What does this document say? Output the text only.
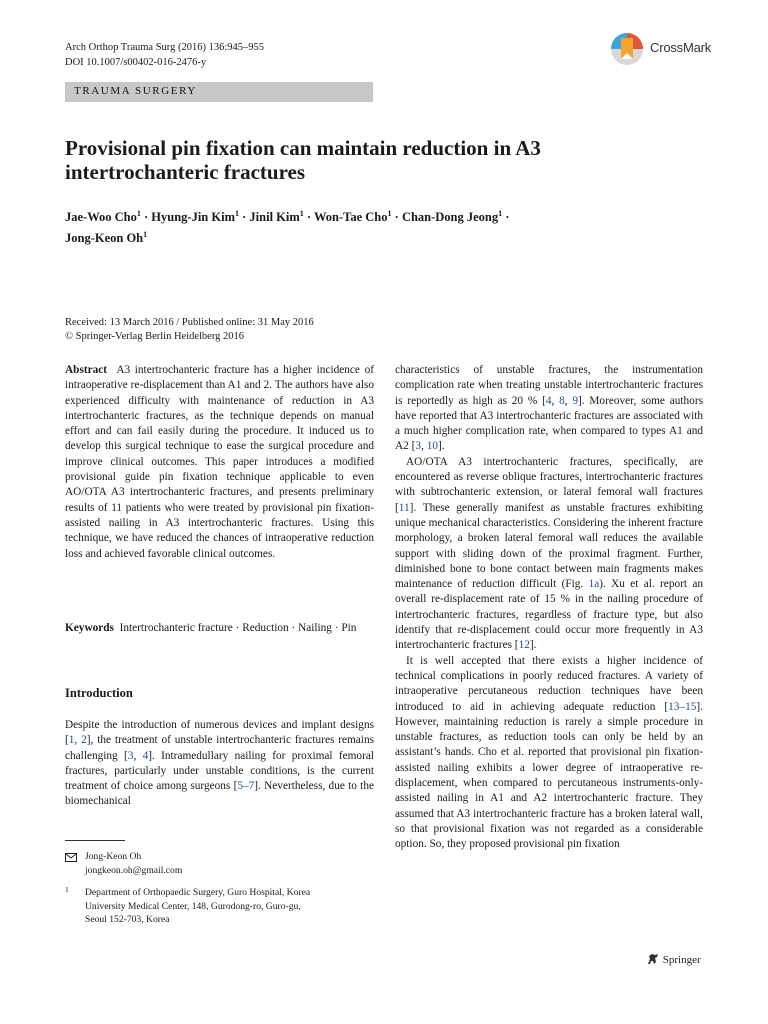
Arch Orthop Trauma Surg (2016) 136:945–955
DOI 10.1007/s00402-016-2476-y
CrossMark
TRAUMA SURGERY
Provisional pin fixation can maintain reduction in A3 intertrochanteric fractures
Jae-Woo Cho$^1$ · Hyung-Jin Kim$^1$ · Jinil Kim$^1$ · Won-Tae Cho$^1$ · Chan-Dong Jeong$^1$ ·
Jong-Keon Oh$^1$
Received: 13 March 2016 / Published online: 31 May 2016
© Springer-Verlag Berlin Heidelberg 2016

Abstract A3 intertrochanteric fracture has a higher incidence of intraoperative re-displacement than A1 and 2. The authors have also experienced difficulty with maintenance of reduction in A3 intertrochanteric fractures, as the technique depends on manual effort and can fail easily during the procedure. It induced us to develop this surgical technique to ease the surgical procedure and improve clinical outcomes. This paper introduces a modified provisional guide pin fixation technique applicable to even AO/OTA A3 intertrochanteric fractures, and presents preliminary results of 11 patients who were treated by provisional pin fixation-assisted nailing in A3 intertrochanteric fractures. Using this technique, we have reduced the chances of intraoperative reduction loss and achieved favorable clinical outcomes.

Keywords Intertrochanteric fracture · Reduction · Nailing · Pin

Introduction

Despite the introduction of numerous devices and implant designs [1, 2], the treatment of unstable intertrochanteric fractures remains challenging [3, 4]. Intramedullary nailing for proximal femoral fractures, particularly under unstable conditions, is the current treatment of choice among surgeons [5–7]. Nevertheless, due to the biomechanical

Jong-Keon Oh
jongkeon.oh@gmail.com
1 Department of Orthopaedic Surgery, Guro Hospital, Korea
University Medical Center, 148, Gurodong-ro, Guro-gu,
Seoul 152-703, Korea

characteristics of unstable fractures, the instrumentation complication rate when treating unstable intertrochanteric fractures is reportedly as high as 20 % [4, 8, 9]. Moreover, some authors have reported that A3 intertrochanteric fractures are associated with a much higher complication rate, when compared to types A1 and A2 [3, 10].

AO/OTA A3 intertrochanteric fractures, specifically, are encountered as reverse oblique fractures, intertrochanteric fractures with subtrochanteric extension, or lateral femoral wall fractures [11]. These generally manifest as unstable fractures exhibiting unique mechanical characteristics. Considering the inherent fracture morphology, a broken lateral femoral wall reduces the available support with sliding down of the proximal fragment. Further, diminished bone to bone contact between main fragments makes maintenance of reduction difficult (Fig. 1a). Xu et al. report an overall re-displacement rate of 15 % in the nailing procedure of intertrochanteric fractures, regardless of fracture type, but also identify that re-displacement could occur more frequently in A3 intertrochanteric fractures [12].

It is well accepted that there exists a higher incidence of technical complications in poorly reduced fractures. A variety of intraoperative percutaneous reduction techniques have been introduced to aid in achieving adequate reduction [13–15]. However, maintaining reduction is rarely a simple procedure in unstable fractures, as reduction tools can only be held by an assistant’s hands. Cho et al. reported that provisional pin fixation-assisted nailing exhibits a lower degree of intraoperative re-displacement, when compared to percutaneous instruments-only-assisted nailing in A1 and A2 intertrochanteric fracture. They assumed that A3 intertrochanteric fracture has a broken lateral wall, so that provisional fixation was not regarded as a considerable option. So, they proposed provisional pin fixation

Springer
